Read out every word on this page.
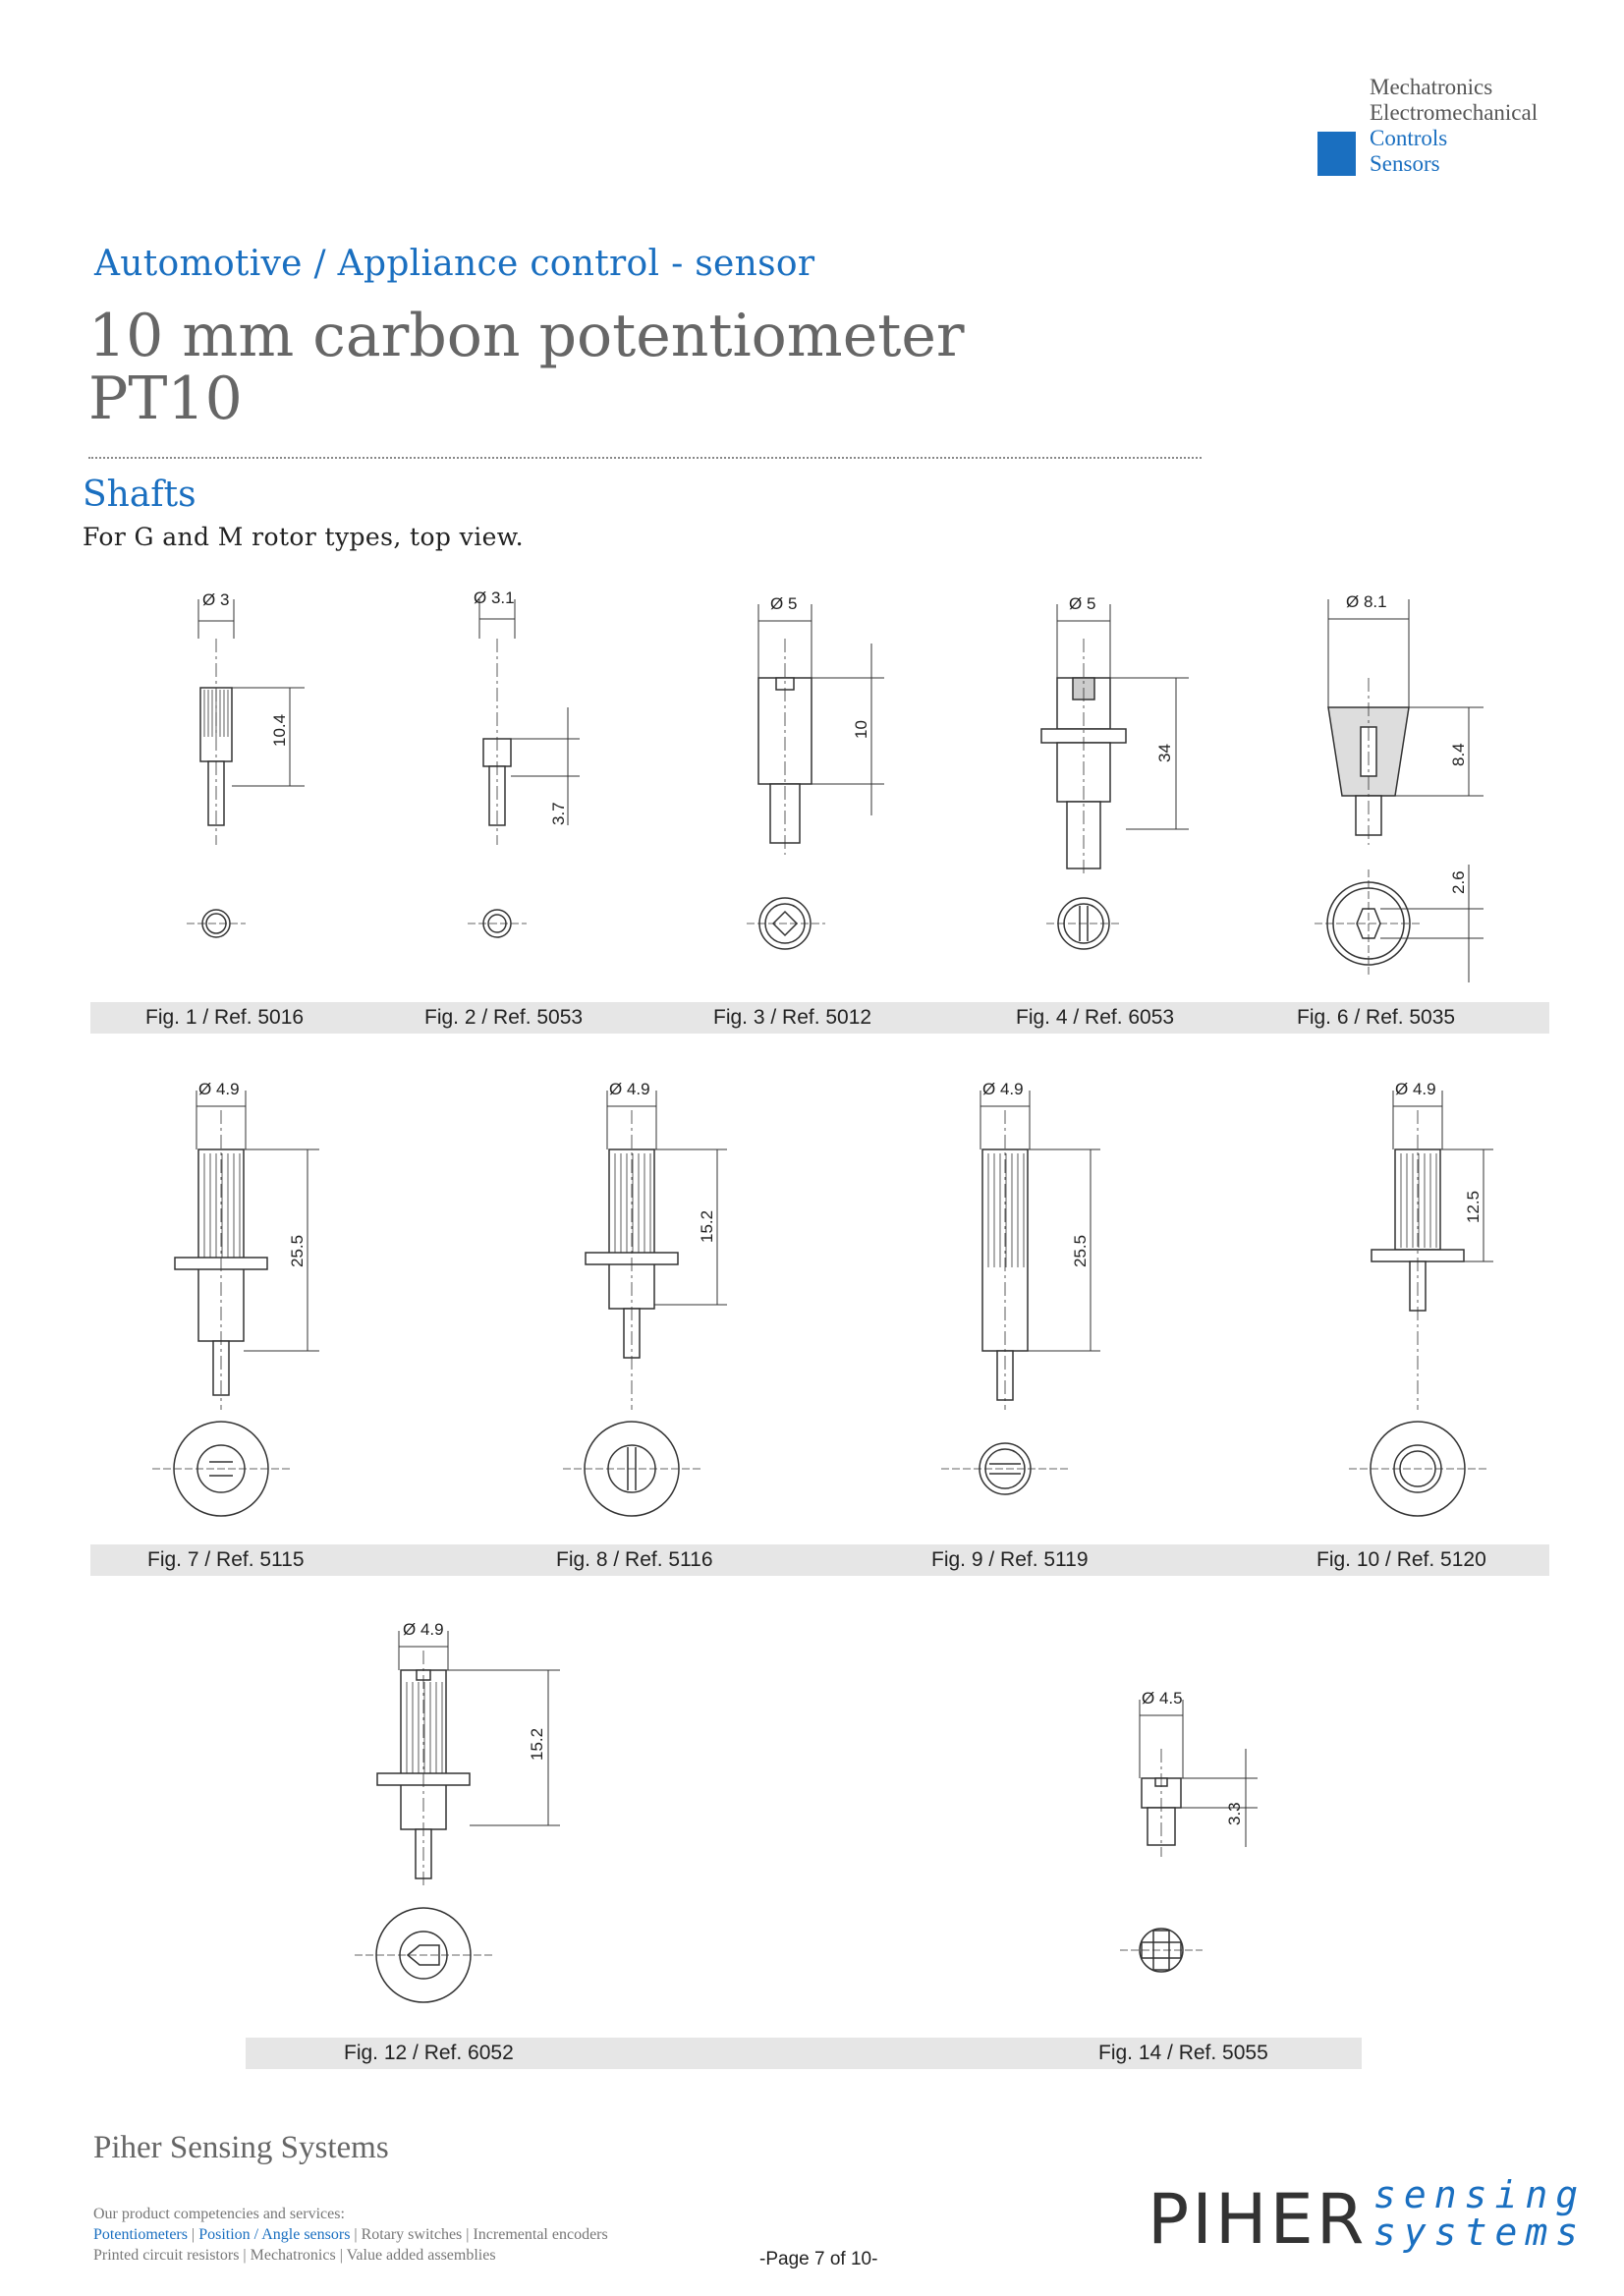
Mechatronics
Electromechanical
Controls
Sensors
Automotive / Appliance control - sensor
10 mm carbon potentiometer
PT10
Shafts
For G and M rotor types, top view.
Ø 3
10.4
Ø 3.1
3.7
Ø 5
10
Ø 5
34
Ø 8.1
8.4
2.6
Fig. 1 / Ref. 5016	Fig. 2 / Ref. 5053	Fig. 3 / Ref. 5012	Fig. 4 / Ref. 6053	Fig. 6 / Ref. 5035
Ø 4.9
25.5
Ø 4.9
15.2
Ø 4.9
25.5
Ø 4.9
12.5
Fig. 7 / Ref. 5115	Fig. 8 / Ref. 5116	Fig. 9 / Ref. 5119	Fig. 10 / Ref. 5120
Ø 4.9
15.2
Ø 4.5
3.3
Fig. 12 / Ref. 6052	Fig. 14 / Ref. 5055
Piher Sensing Systems
Our product competencies and services:
Potentiometers | Position / Angle sensors | Rotary switches | Incremental encoders
Printed circuit resistors | Mechatronics | Value added assemblies	-Page 7 of 10-	PIHER sensing
systems
